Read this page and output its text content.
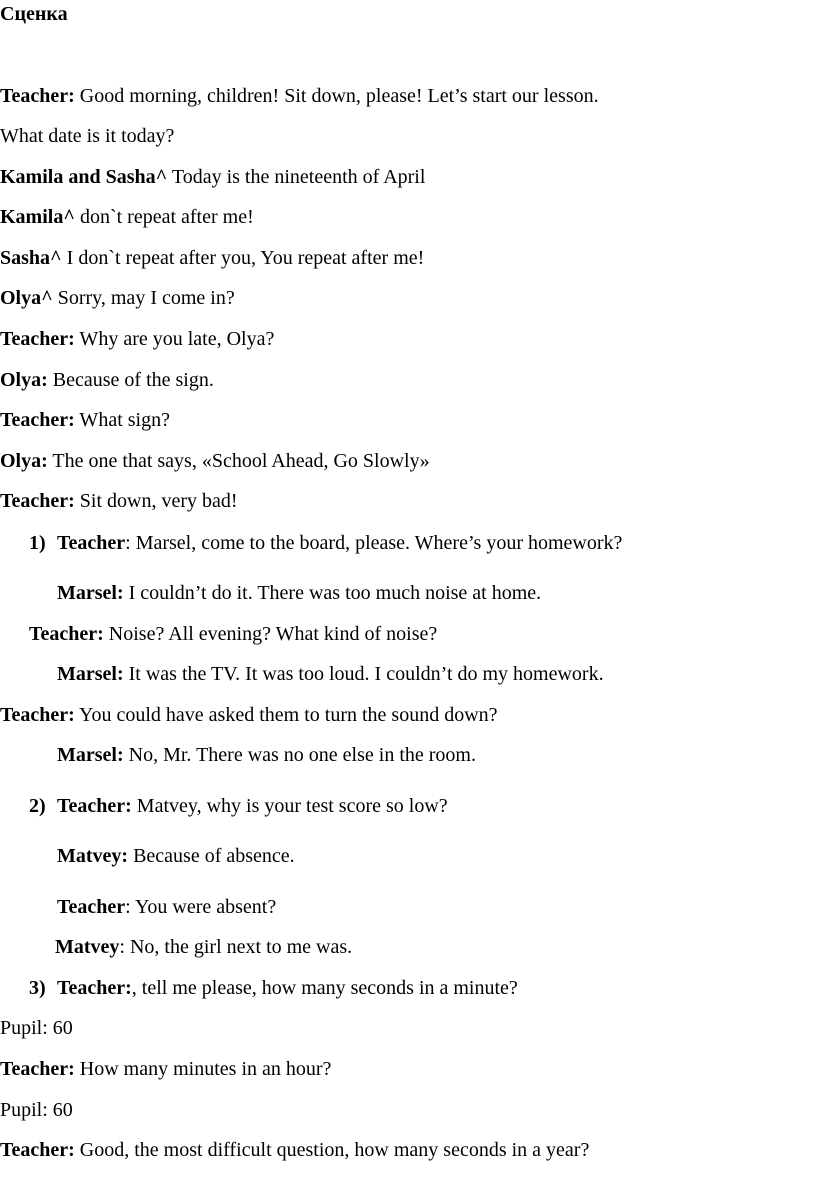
Сценка
Teacher: Good morning, children! Sit down, please! Let’s start our lesson.
What date is it today?
Kamila and Sasha^ Today is the nineteenth of April
Kamila^ don`t repeat after me!
Sasha^ I don`t repeat after you, You repeat after me!
Olya^ Sorry, may I come in?
Teacher: Why are you late, Olya?
Olya: Because of the sign.
Teacher: What sign?
Olya: The one that says, «School Ahead, Go Slowly»
Teacher: Sit down, very bad!
1) Teacher: Marsel, come to the board, please. Where’s your homework?
Marsel: I couldn’t do it. There was too much noise at home.
Teacher: Noise? All evening? What kind of noise?
Marsel: It was the TV. It was too loud. I couldn’t do my homework.
Teacher: You could have asked them to turn the sound down?
Marsel: No, Mr. There was no one else in the room.
2) Teacher: Matvey, why is your test score so low?
Matvey: Because of absence.
Teacher: You were absent?
Matvey: No, the girl next to me was.
3) Teacher:, tell me please, how many seconds in a minute?
Pupil: 60
Teacher: How many minutes in an hour?
Pupil: 60
Teacher: Good, the most difficult question, how many seconds in a year?
